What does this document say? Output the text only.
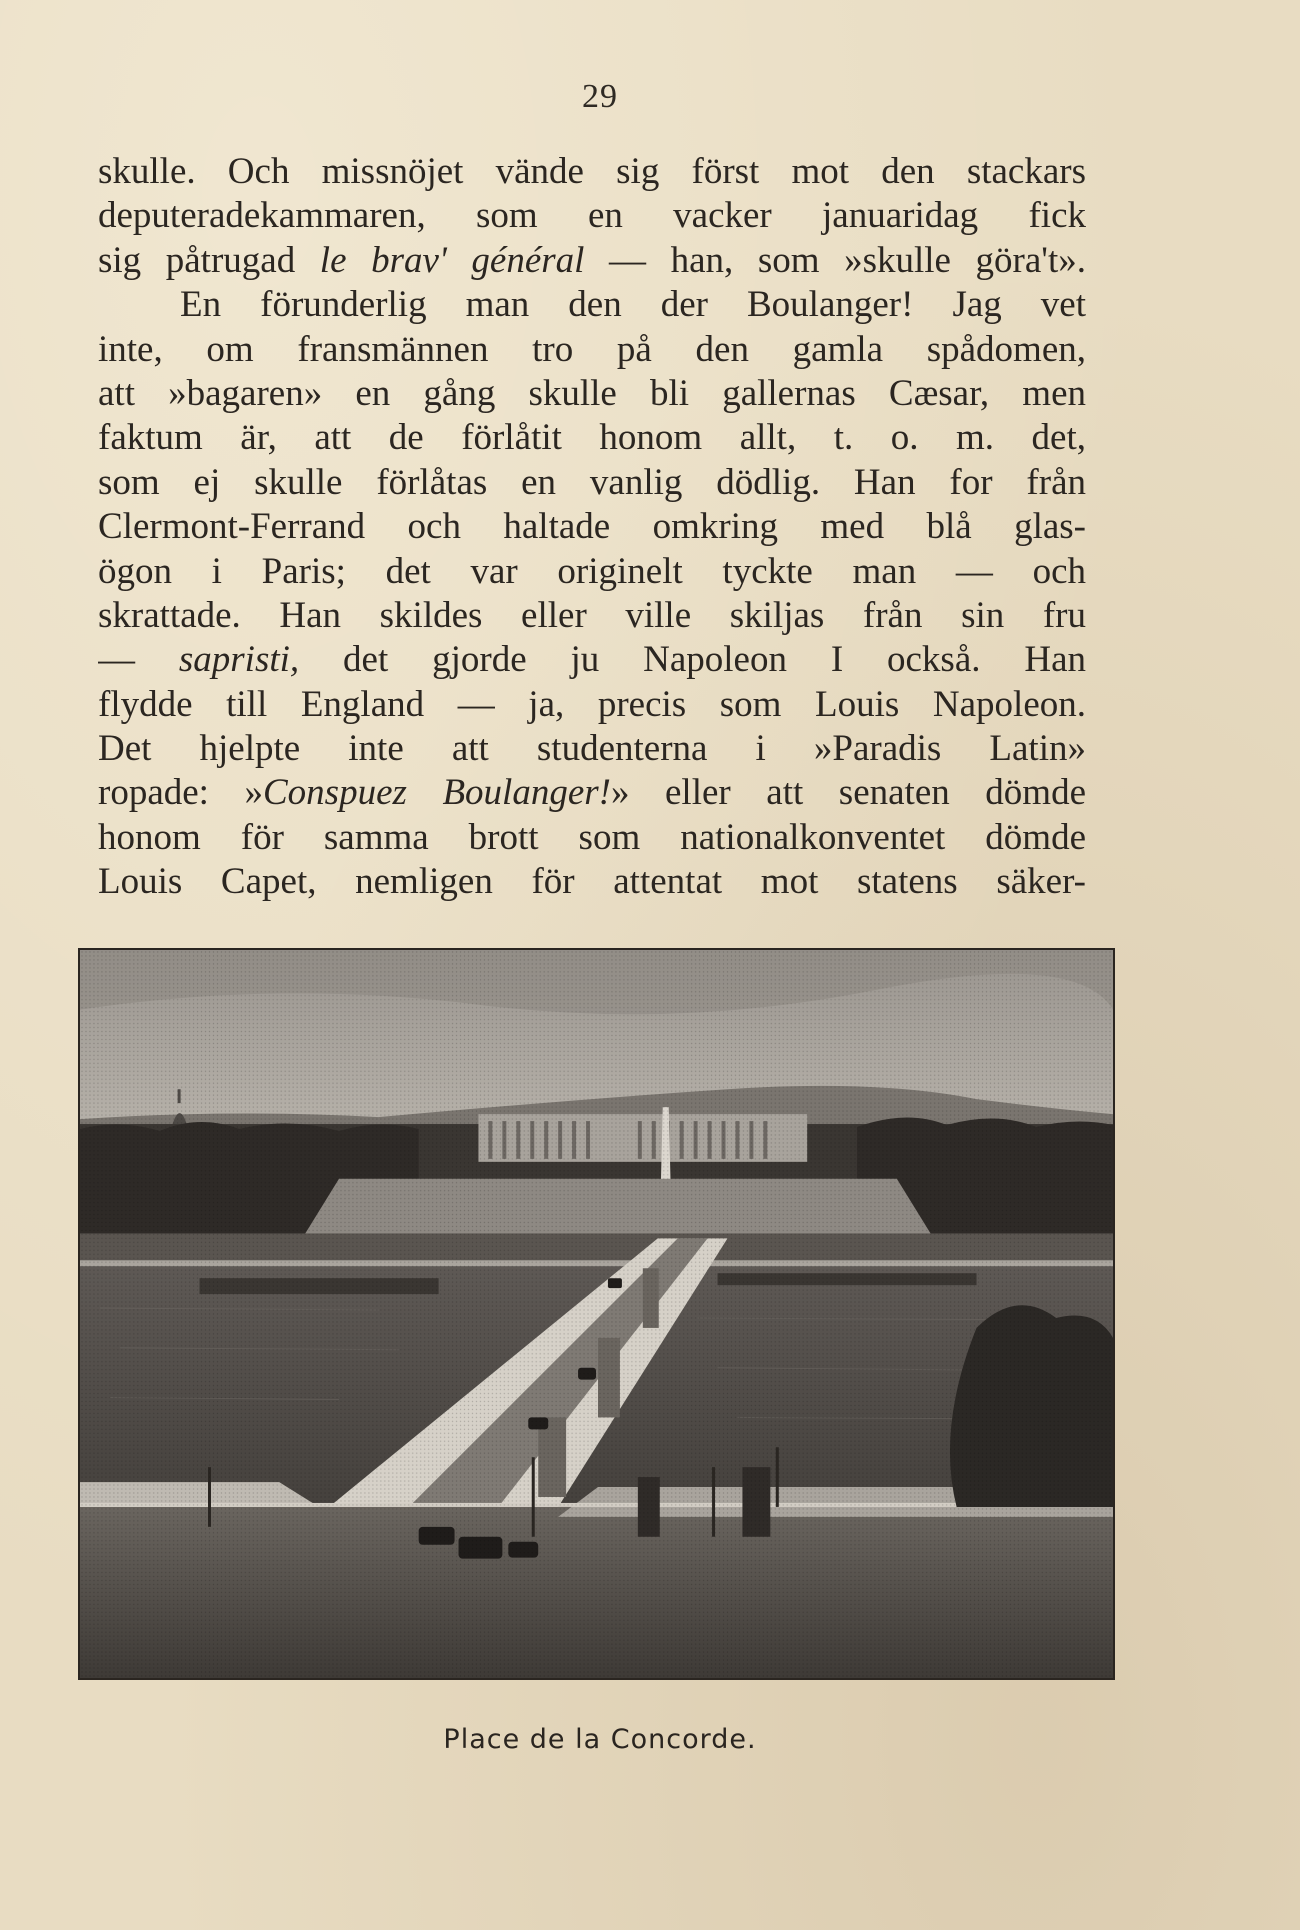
29
skulle. Och missnöjet vände sig först mot den stackars
deputeradekammaren, som en vacker januaridag fick
sig påtrugad le brav' général — han, som »skulle göra't».
En förunderlig man den der Boulanger! Jag vet
inte, om fransmännen tro på den gamla spådomen,
att »bagaren» en gång skulle bli gallernas Cæsar, men
faktum är, att de förlåtit honom allt, t. o. m. det,
som ej skulle förlåtas en vanlig dödlig. Han for från
Clermont-Ferrand och haltade omkring med blå glas-
ögon i Paris; det var originelt tyckte man — och
skrattade. Han skildes eller ville skiljas från sin fru
— sapristi, det gjorde ju Napoleon I också. Han
flydde till England — ja, precis som Louis Napoleon.
Det hjelpte inte att studenterna i »Paradis Latin»
ropade: »Conspuez Boulanger!» eller att senaten dömde
honom för samma brott som nationalkonventet dömde
Louis Capet, nemligen för attentat mot statens säker-
Place de la Concorde.
